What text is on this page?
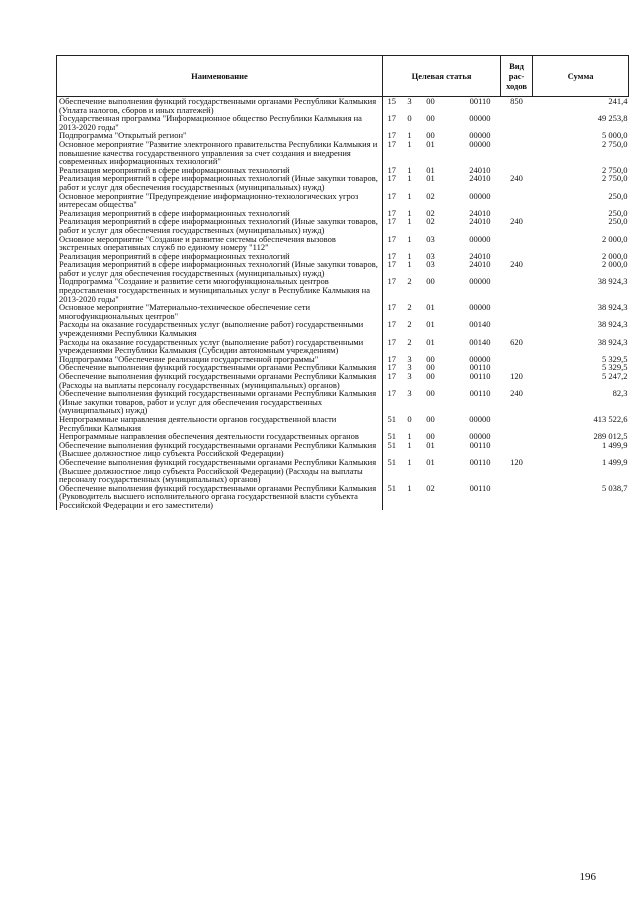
Наименование	Целевая статья				Вид рас-ходов	Сумма
Обеспечение выполнения функций государственными органами Республики Калмыкия (Уплата налогов, сборов и иных платежей)	15	3	00	00110	850	241,4
Государственная программа "Информационное общество Республики Калмыкия на 2013-2020 годы"	17	0	00	00000		49 253,8
Подпрограмма "Открытый регион"	17	1	00	00000		5 000,0
Основное мероприятие "Развитие электронного правительства Республики Калмыкия и повышение качества государственного управления за счет создания и внедрения современных информационных технологий"	17	1	01	00000		2 750,0
Реализация мероприятий в сфере информационных технологий	17	1	01	24010		2 750,0
Реализация мероприятий в сфере информационных технологий (Иные закупки товаров, работ и услуг для обеспечения государственных (муниципальных) нужд)	17	1	01	24010	240	2 750,0
Основное мероприятие "Предупреждение информационно-технологических угроз интересам общества"	17	1	02	00000		250,0
Реализация мероприятий в сфере информационных технологий	17	1	02	24010		250,0
Реализация мероприятий в сфере информационных технологий (Иные закупки товаров, работ и услуг для обеспечения государственных (муниципальных) нужд)	17	1	02	24010	240	250,0
Основное мероприятие "Создание и развитие системы обеспечения вызовов экстренных оперативных служб по единому номеру "112"	17	1	03	00000		2 000,0
Реализация мероприятий в сфере информационных технологий	17	1	03	24010		2 000,0
Реализация мероприятий в сфере информационных технологий (Иные закупки товаров, работ и услуг для обеспечения государственных (муниципальных) нужд)	17	1	03	24010	240	2 000,0
Подпрограмма "Создание и развитие сети многофункциональных центров предоставления государственных и муниципальных услуг в Республике Калмыкия на 2013-2020 годы"	17	2	00	00000		38 924,3
Основное мероприятие "Материально-техническое обеспечение сети многофункциональных центров"	17	2	01	00000		38 924,3
Расходы на оказание государственных услуг (выполнение работ) государственными учреждениями Республики Калмыкия	17	2	01	00140		38 924,3
Расходы на оказание государственных услуг (выполнение работ) государственными учреждениями Республики Калмыкия (Субсидии автономным учреждениям)	17	2	01	00140	620	38 924,3
Подпрограмма "Обеспечение реализации государственной программы"	17	3	00	00000		5 329,5
Обеспечение выполнения функций государственными органами Республики Калмыкия	17	3	00	00110		5 329,5
Обеспечение выполнения функций государственными органами Республики Калмыкия (Расходы на выплаты персоналу государственных (муниципальных) органов)	17	3	00	00110	120	5 247,2
Обеспечение выполнения функций государственными органами Республики Калмыкия (Иные закупки товаров, работ и услуг для обеспечения государственных (муниципальных) нужд)	17	3	00	00110	240	82,3
Непрограммные направления деятельности органов государственной власти Республики Калмыкия	51	0	00	00000		413 522,6
Непрограммные направления обеспечения деятельности государственных органов	51	1	00	00000		289 012,5
Обеспечение выполнения функций государственными органами Республики Калмыкия (Высшее должностное лицо субъекта Российской Федерации)	51	1	01	00110		1 499,9
Обеспечение выполнения функций государственными органами Республики Калмыкия (Высшее должностное лицо субъекта Российской Федерации) (Расходы на выплаты персоналу государственных (муниципальных) органов)	51	1	01	00110	120	1 499,9
Обеспечение выполнения функций государственными органами Республики Калмыкия (Руководитель высшего исполнительного органа государственной власти субъекта Российской Федерации и его заместители)	51	1	02	00110		5 038,7
196
